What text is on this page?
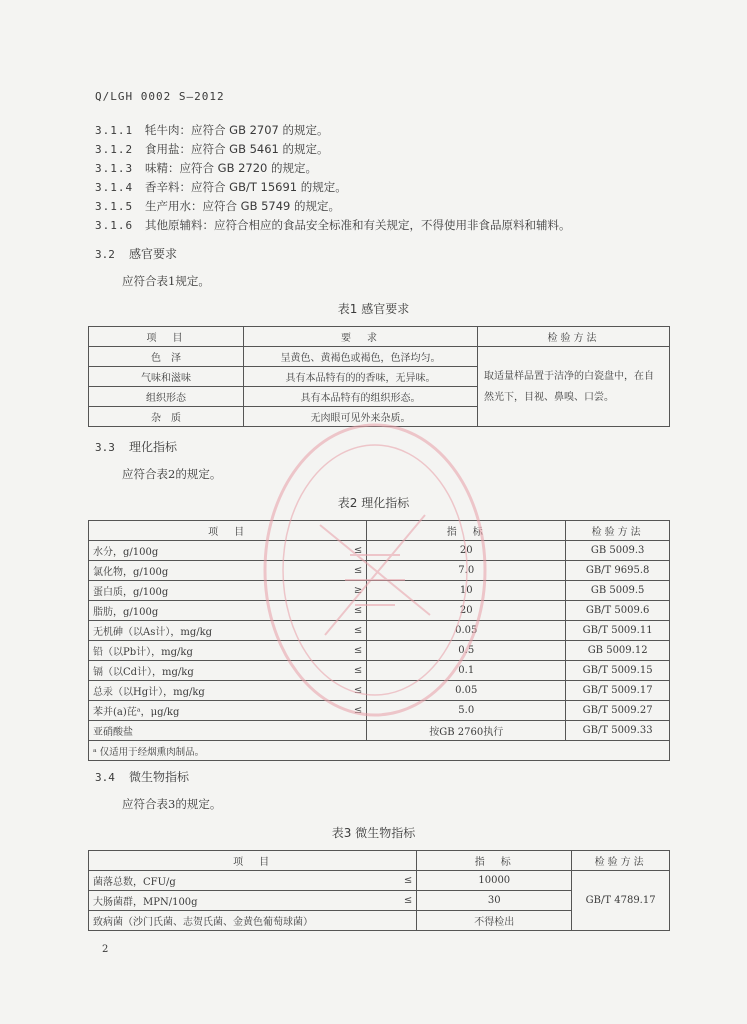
Q/LGH 0002 S—2012
3.1.1 牦牛肉：应符合 GB 2707 的规定。
3.1.2 食用盐：应符合 GB 5461 的规定。
3.1.3 味精：应符合 GB 2720 的规定。
3.1.4 香辛料：应符合 GB/T 15691 的规定。
3.1.5 生产用水：应符合 GB 5749 的规定。
3.1.6 其他原辅料：应符合相应的食品安全标准和有关规定，不得使用非食品原料和辅料。
3.2 感官要求
应符合表1规定。
表1 感官要求
项　目	要　求	检验方法
色　泽	呈黄色、黄褐色或褐色，色泽均匀。	取适量样品置于洁净的白瓷盘中，在自然光下，目视、鼻嗅、口尝。
气味和滋味	具有本品特有的的香味，无异味。	
组织形态	具有本品特有的组织形态。	
杂　质	无肉眼可见外来杂质。	
3.3 理化指标
应符合表2的规定。
表2 理化指标
项　目		指　标	检验方法
水分，g/100g	≤	20	GB 5009.3
氯化物，g/100g	≤	7.0	GB/T 9695.8
蛋白质，g/100g	≥	10	GB 5009.5
脂肪，g/100g	≤	20	GB/T 5009.6
无机砷（以As计），mg/kg	≤	0.05	GB/T 5009.11
铅（以Pb计），mg/kg	≤	0.5	GB 5009.12
镉（以Cd计），mg/kg	≤	0.1	GB/T 5009.15
总汞（以Hg计），mg/kg	≤	0.05	GB/T 5009.17
苯并(a)芘ᵃ，μg/kg	≤	5.0	GB/T 5009.27
亚硝酸盐		按GB 2760执行	GB/T 5009.33
ᵃ 仅适用于经烟熏肉制品。			
3.4 微生物指标
应符合表3的规定。
表3 微生物指标
项　目		指　标	检验方法
菌落总数，CFU/g	≤	10000	GB/T 4789.17
大肠菌群，MPN/100g	≤	30	
致病菌（沙门氏菌、志贺氏菌、金黄色葡萄球菌）		不得检出	
2
